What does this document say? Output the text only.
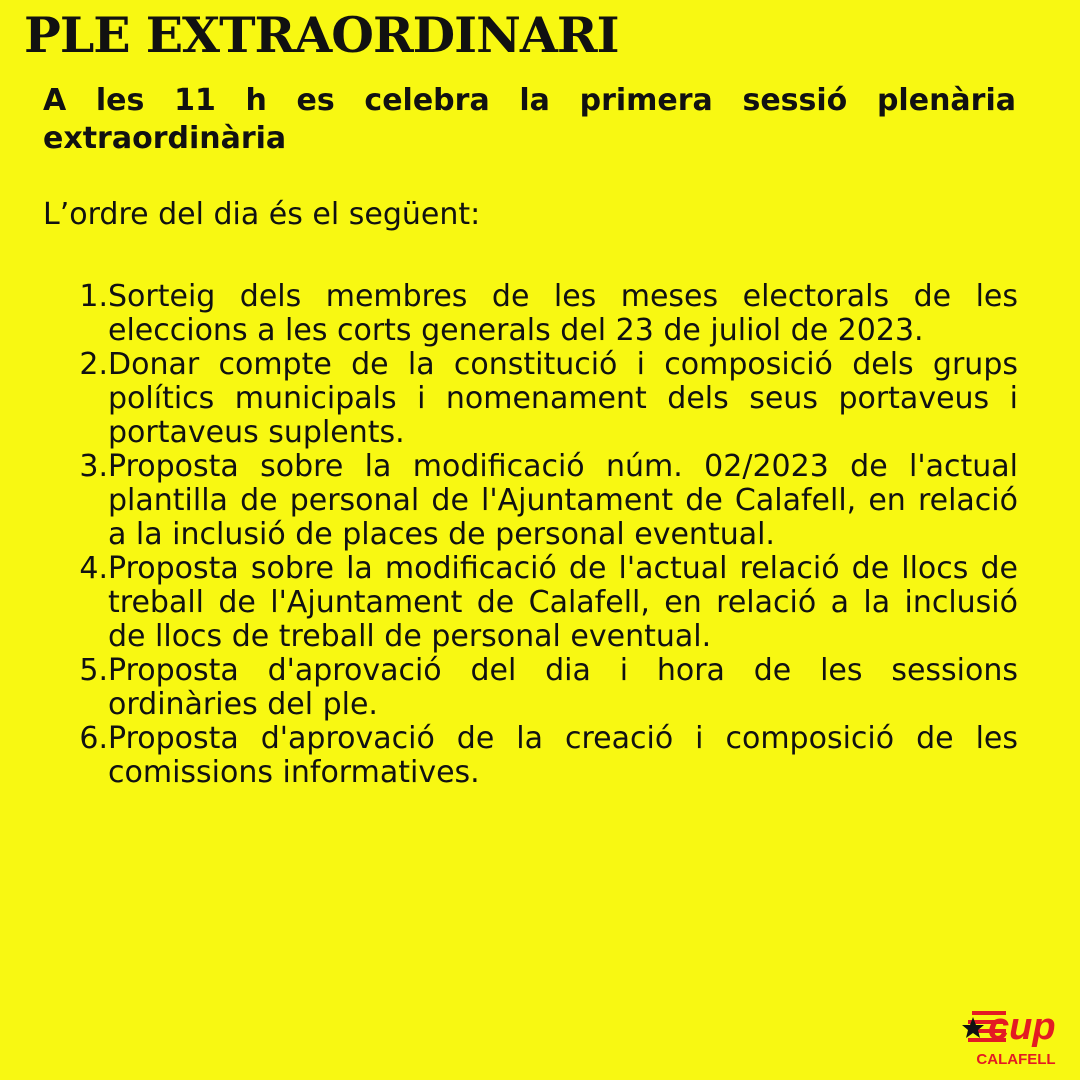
PLE EXTRAORDINARI

A les 11 h es celebra la primera sessió plenària extraordinària

L’ordre del dia és el següent:

1. Sorteig dels membres de les meses electorals de les eleccions a les corts generals del 23 de juliol de 2023.
2. Donar compte de la constitució i composició dels grups polítics municipals i nomenament dels seus portaveus i portaveus suplents.
3. Proposta sobre la modificació núm. 02/2023 de l'actual plantilla de personal de l'Ajuntament de Calafell, en relació a la inclusió de places de personal eventual.
4. Proposta sobre la modificació de l'actual relació de llocs de treball de l'Ajuntament de Calafell, en relació a la inclusió de llocs de treball de personal eventual.
5. Proposta d'aprovació del dia i hora de les sessions ordinàries del ple.
6. Proposta d'aprovació de la creació i composició de les comissions informatives.
cup
CALAFELL
